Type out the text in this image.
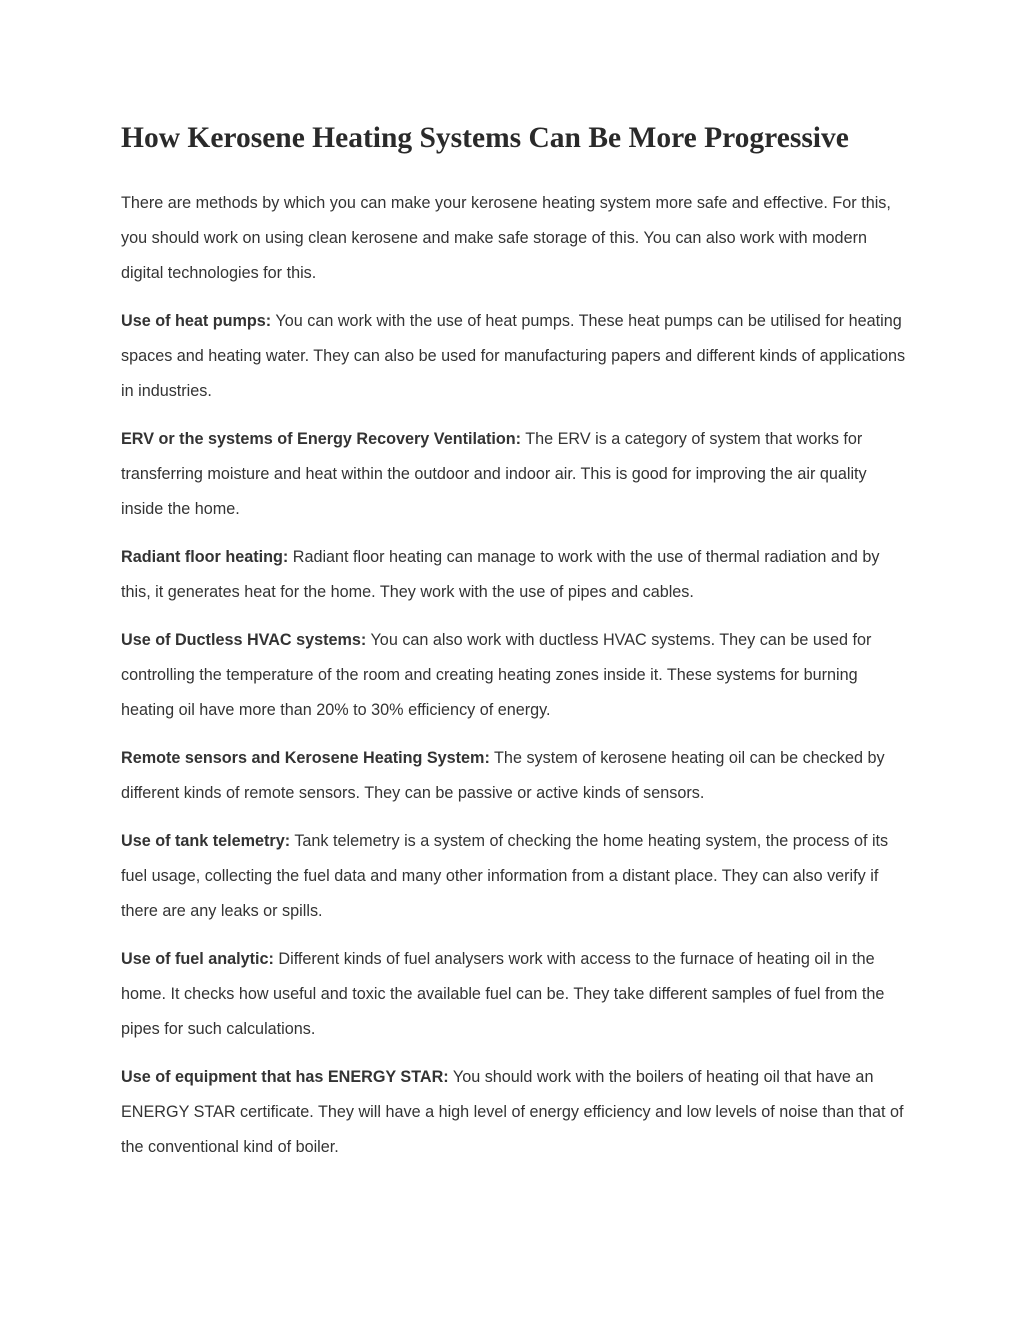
How Kerosene Heating Systems Can Be More Progressive

There are methods by which you can make your kerosene heating system more safe and effective. For this, you should work on using clean kerosene and make safe storage of this. You can also work with modern digital technologies for this.

Use of heat pumps: You can work with the use of heat pumps. These heat pumps can be utilised for heating spaces and heating water. They can also be used for manufacturing papers and different kinds of applications in industries.

ERV or the systems of Energy Recovery Ventilation: The ERV is a category of system that works for transferring moisture and heat within the outdoor and indoor air. This is good for improving the air quality inside the home.

Radiant floor heating: Radiant floor heating can manage to work with the use of thermal radiation and by this, it generates heat for the home. They work with the use of pipes and cables.

Use of Ductless HVAC systems: You can also work with ductless HVAC systems. They can be used for controlling the temperature of the room and creating heating zones inside it. These systems for burning heating oil have more than 20% to 30% efficiency of energy.

Remote sensors and Kerosene Heating System: The system of kerosene heating oil can be checked by different kinds of remote sensors. They can be passive or active kinds of sensors.

Use of tank telemetry: Tank telemetry is a system of checking the home heating system, the process of its fuel usage, collecting the fuel data and many other information from a distant place. They can also verify if there are any leaks or spills.

Use of fuel analytic: Different kinds of fuel analysers work with access to the furnace of heating oil in the home. It checks how useful and toxic the available fuel can be. They take different samples of fuel from the pipes for such calculations.

Use of equipment that has ENERGY STAR: You should work with the boilers of heating oil that have an ENERGY STAR certificate. They will have a high level of energy efficiency and low levels of noise than that of the conventional kind of boiler.
